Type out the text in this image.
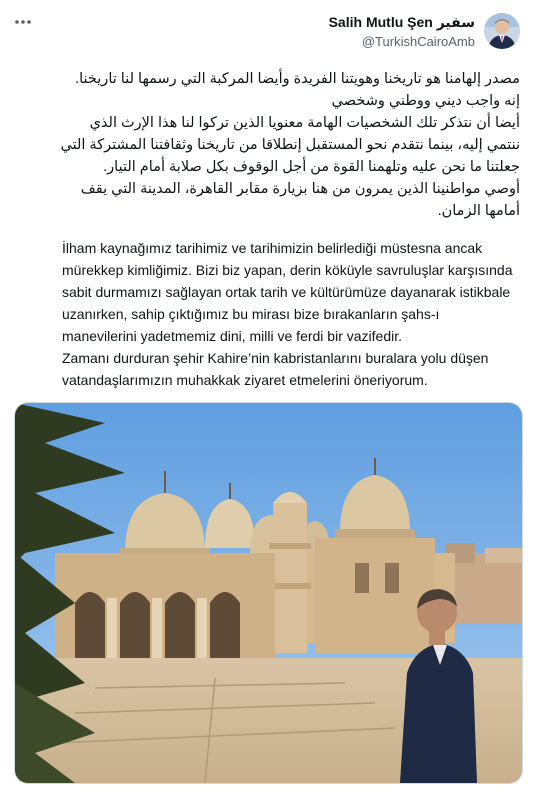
Salih Mutlu Şen سفير
@TurkishCairoAmb

مصدر إلهامنا هو تاريخنا وهويتنا الفريدة وأيضا المركبة التي رسمها لنا تاريخنا. إنه واجب ديني ووطني وشخصي

أيضا أن نتذكر تلك الشخصيات الهامة معنويا الذين تركوا لنا هذا الإرث الذي ننتمي إليه، بينما نتقدم نحو المستقبل إنطلاقا من تاريخنا وثقافتنا المشتركة التي جعلتنا ما نحن عليه وتلهمنا القوة من أجل الوقوف بكل صلابة أمام التيار.

أوصي مواطنينا الذين يمرون من هنا بزيارة مقابر القاهرة، المدينة التي يقف أمامها الزمان.

İlham kaynağımız tarihimiz ve tarihimizin belirlediği müstesna ancak mürekkep kimliğimiz. Bizi biz yapan, derin köküyle savruluşlar karşısında sabit durmamızı sağlayan ortak tarih ve kültürümüze dayanarak istikbale uzanırken, sahip çıktığımız bu mirası bize bırakanların şahs-ı manevilerini yadetmemiz dini, milli ve ferdi bir vazifedir.

Zamanı durduran şehir Kahire’nin kabristanlarını buralara yolu düşen vatandaşlarımızın muhakkak ziyaret etmelerini öneriyorum.
